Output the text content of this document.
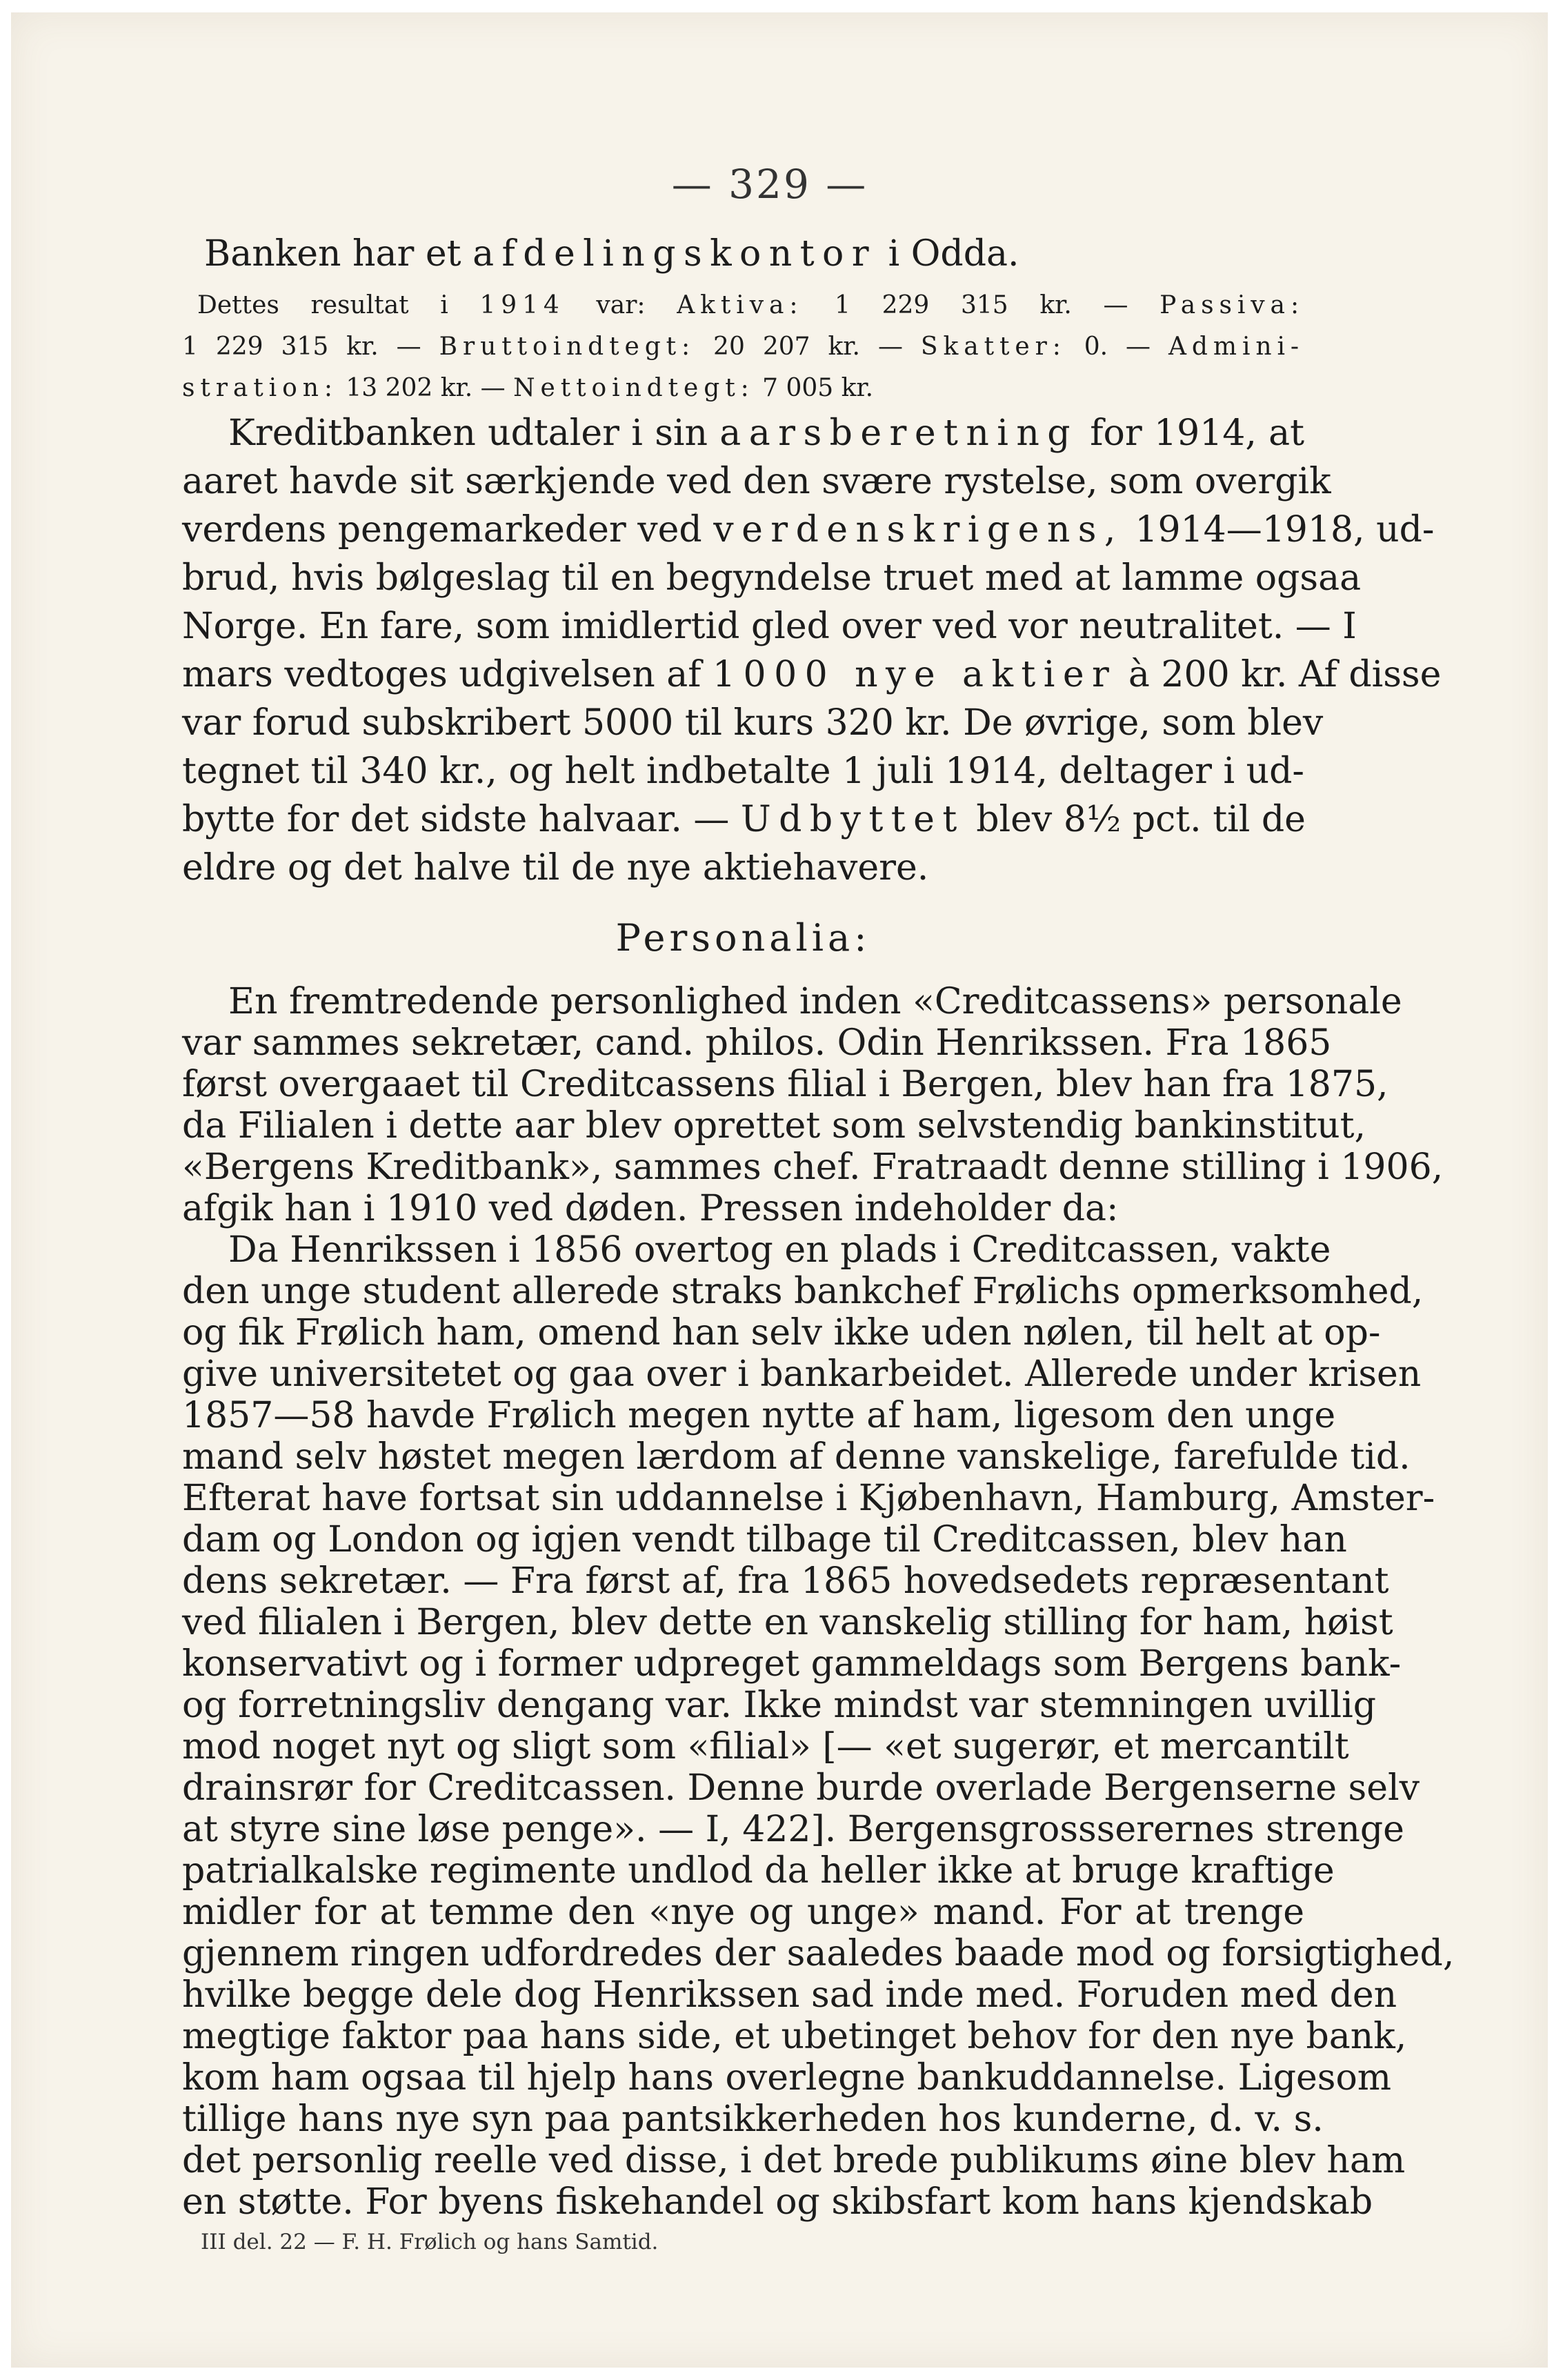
— 329 —
Banken har et afdelingskontor i Odda.
Dettes resultat i 1914 var: Aktiva: 1 229 315 kr. — Passiva:
1 229 315 kr. — Bruttoindtegt: 20 207 kr. — Skatter: 0. — Admini-
stration: 13 202 kr. — Nettoindtegt: 7 005 kr.
Kreditbanken udtaler i sin aarsberetning for 1914, at
aaret havde sit særkjende ved den svære rystelse, som overgik
verdens pengemarkeder ved verdenskrigens, 1914—1918, ud-
brud, hvis bølgeslag til en begyndelse truet med at lamme ogsaa
Norge. En fare, som imidlertid gled over ved vor neutralitet. — I
mars vedtoges udgivelsen af 1000 nye aktier à 200 kr. Af disse
var forud subskribert 5000 til kurs 320 kr. De øvrige, som blev
tegnet til 340 kr., og helt indbetalte 1 juli 1914, deltager i ud-
bytte for det sidste halvaar. — Udbyttet blev 8½ pct. til de
eldre og det halve til de nye aktiehavere.
Personalia:
En fremtredende personlighed inden «Creditcassens» personale
var sammes sekretær, cand. philos. Odin Henrikssen. Fra 1865
først overgaaet til Creditcassens filial i Bergen, blev han fra 1875,
da Filialen i dette aar blev oprettet som selvstendig bankinstitut,
«Bergens Kreditbank», sammes chef. Fratraadt denne stilling i 1906,
afgik han i 1910 ved døden. Pressen indeholder da:
Da Henrikssen i 1856 overtog en plads i Creditcassen, vakte
den unge student allerede straks bankchef Frølichs opmerksomhed,
og fik Frølich ham, omend han selv ikke uden nølen, til helt at op-
give universitetet og gaa over i bankarbeidet. Allerede under krisen
1857—58 havde Frølich megen nytte af ham, ligesom den unge
mand selv høstet megen lærdom af denne vanskelige, farefulde tid.
Efterat have fortsat sin uddannelse i Kjøbenhavn, Hamburg, Amster-
dam og London og igjen vendt tilbage til Creditcassen, blev han
dens sekretær. — Fra først af, fra 1865 hovedsedets repræsentant
ved filialen i Bergen, blev dette en vanskelig stilling for ham, høist
konservativt og i former udpreget gammeldags som Bergens bank-
og forretningsliv dengang var. Ikke mindst var stemningen uvillig
mod noget nyt og sligt som «filial» [— «et sugerør, et mercantilt
drainsrør for Creditcassen. Denne burde overlade Bergenserne selv
at styre sine løse penge». — I, 422]. Bergensgrossserernes strenge
patrialkalske regimente undlod da heller ikke at bruge kraftige
midler for at temme den «nye og unge» mand. For at trenge
gjennem ringen udfordredes der saaledes baade mod og forsigtighed,
hvilke begge dele dog Henrikssen sad inde med. Foruden med den
megtige faktor paa hans side, et ubetinget behov for den nye bank,
kom ham ogsaa til hjelp hans overlegne bankuddannelse. Ligesom
tillige hans nye syn paa pantsikkerheden hos kunderne, d. v. s.
det personlig reelle ved disse, i det brede publikums øine blev ham
en støtte. For byens fiskehandel og skibsfart kom hans kjendskab
III del. 22 — F. H. Frølich og hans Samtid.
